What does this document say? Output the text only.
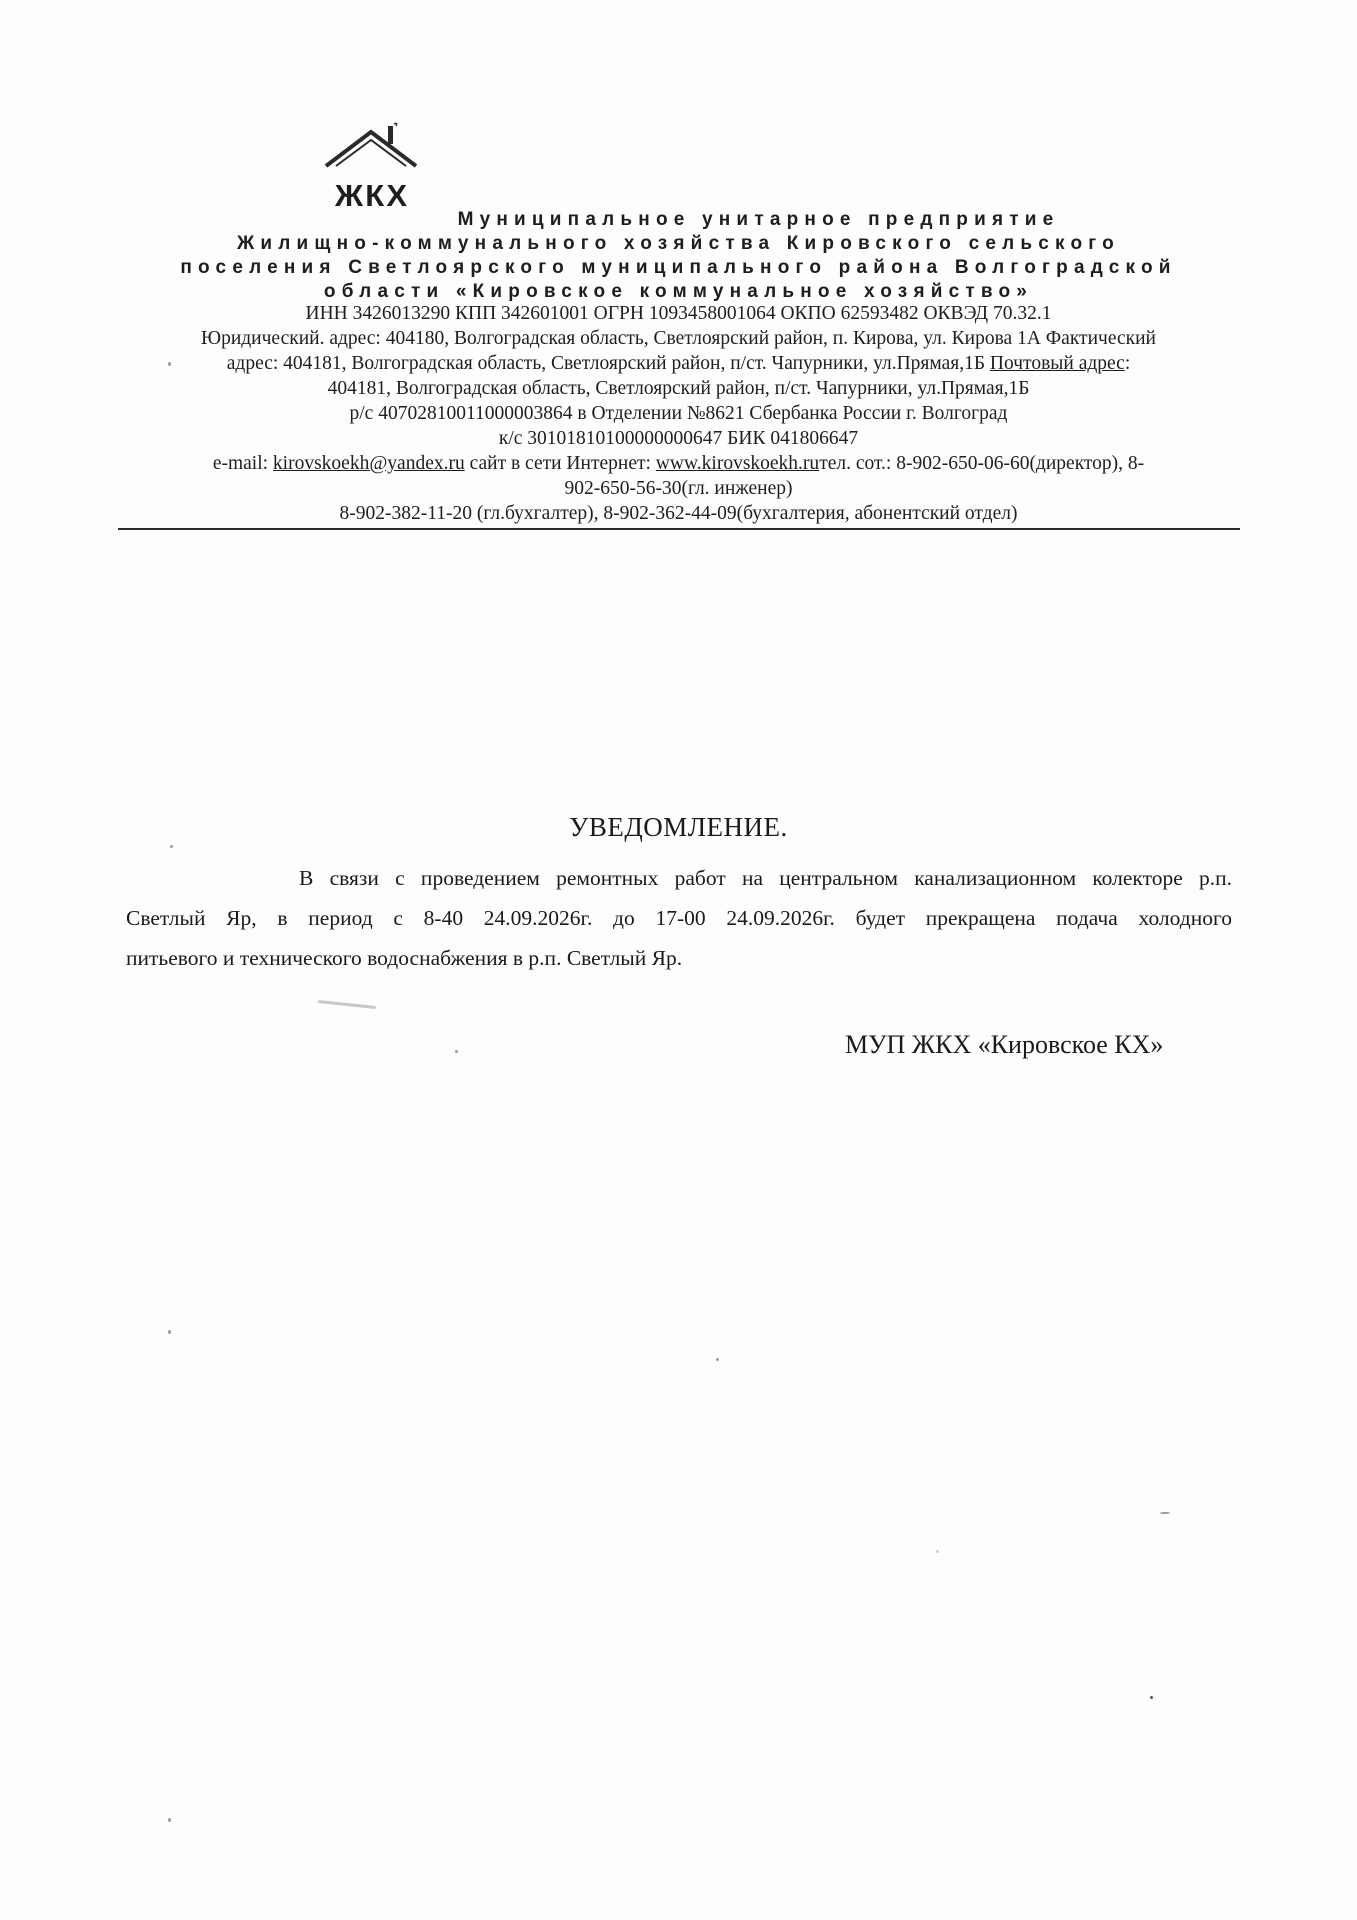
ЖКХ
Муниципальное унитарное предприятие
Жилищно-коммунального хозяйства Кировского сельского
поселения Светлоярского муниципального района Волгоградской
области «Кировское коммунальное хозяйство»
ИНН 3426013290 КПП 342601001 ОГРН 1093458001064 ОКПО 62593482 ОКВЭД 70.32.1
Юридический. адрес: 404180, Волгоградская область, Светлоярский район, п. Кирова, ул. Кирова 1А Фактический
адрес: 404181, Волгоградская область, Светлоярский район, п/ст. Чапурники, ул.Прямая,1Б Почтовый адрес:
404181, Волгоградская область, Светлоярский район, п/ст. Чапурники, ул.Прямая,1Б
р/с 40702810011000003864 в Отделении №8621 Сбербанка России г. Волгоград
к/с 30101810100000000647 БИК 041806647
e-mail: kirovskoekh@yandex.ru сайт в сети Интернет: www.kirovskoekh.ruтел. сот.: 8-902-650-06-60(директор), 8-
902-650-56-30(гл. инженер)
8-902-382-11-20 (гл.бухгалтер), 8-902-362-44-09(бухгалтерия, абонентский отдел)
УВЕДОМЛЕНИЕ.
В связи с проведением ремонтных работ на центральном канализационном колекторе р.п.
Светлый Яр, в период с 8-40 24.09.2026г. до 17-00 24.09.2026г. будет прекращена подача холодного
питьевого и технического водоснабжения в р.п. Светлый Яр.
МУП ЖКХ «Кировское КХ»
